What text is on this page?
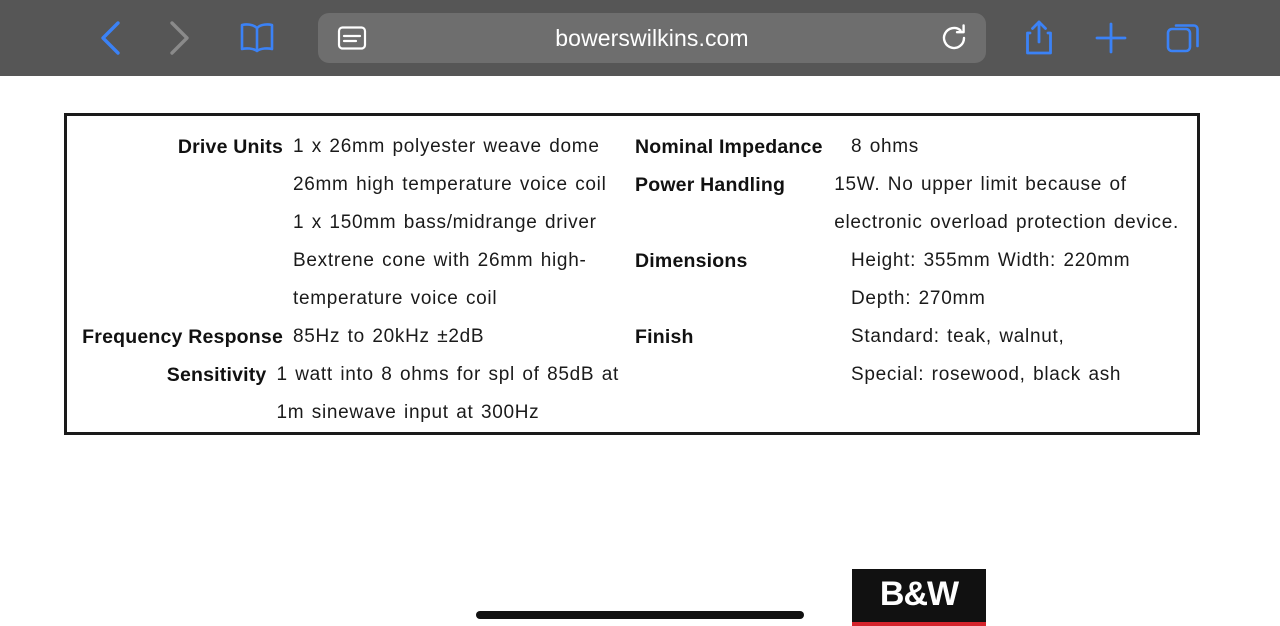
bowerswilkins.com
Drive Units 1 x 26mm polyester weave dome
26mm high temperature voice coil
1 x 150mm bass/midrange driver
Bextrene cone with 26mm high-
temperature voice coil
Frequency Response 85Hz to 20kHz ±2dB
Sensitivity 1 watt into 8 ohms for spl of 85dB at
1m sinewave input at 300Hz
Nominal Impedance	8 ohms
Power Handling	15W. No upper limit because of
electronic overload protection device.
Dimensions	Height: 355mm Width: 220mm
Depth: 270mm
Finish	Standard: teak, walnut,
Special: rosewood, black ash
B&W
